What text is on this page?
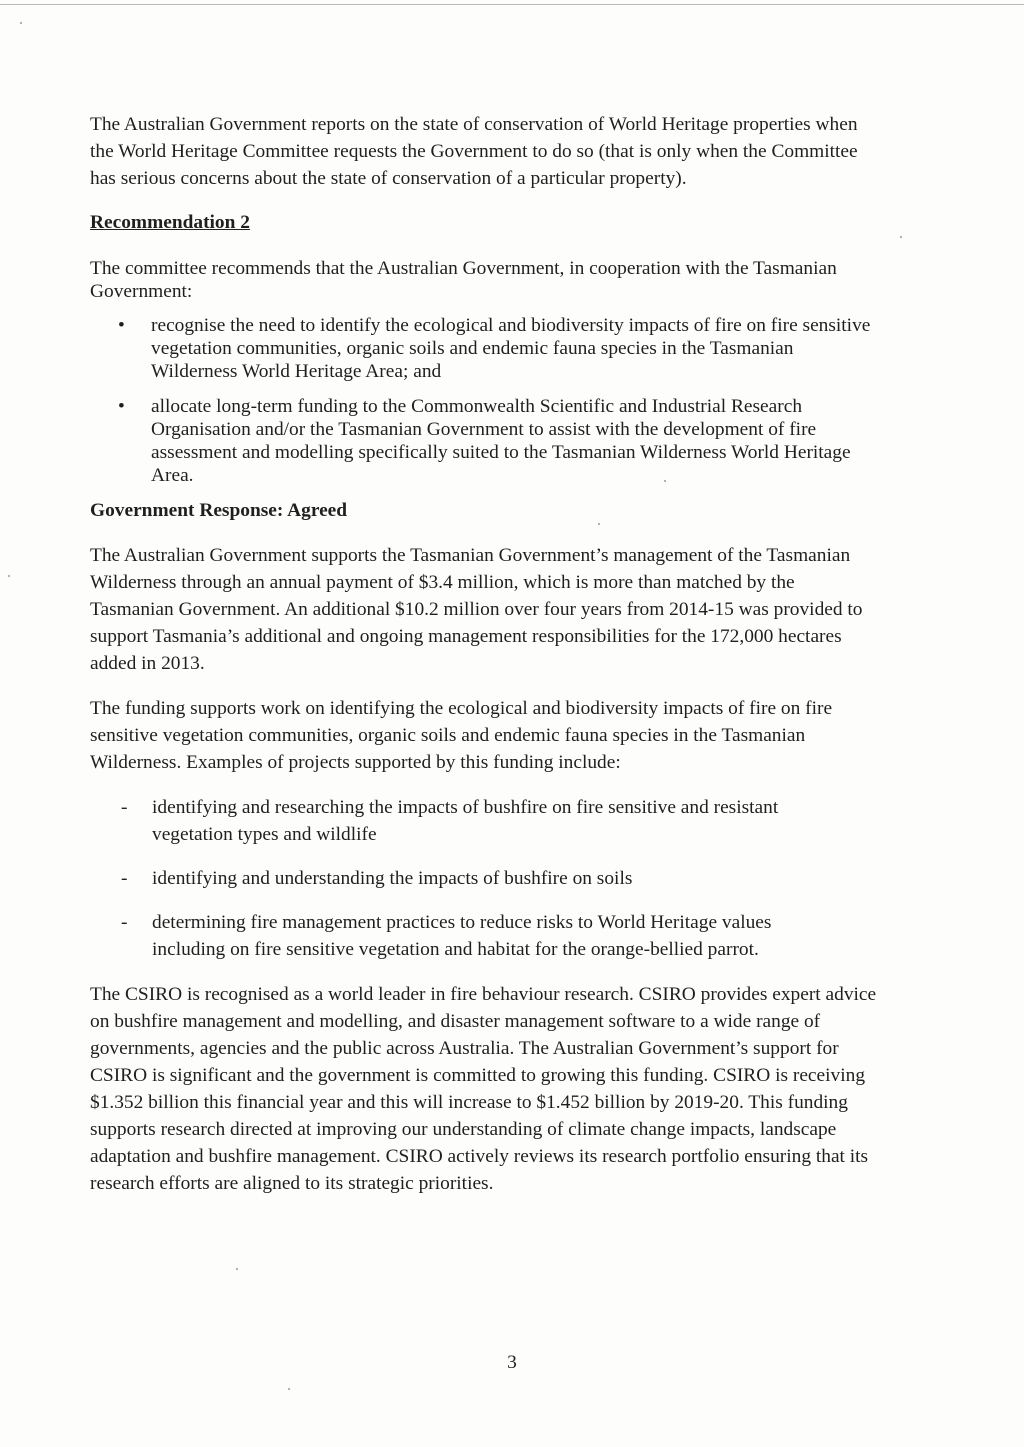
The Australian Government reports on the state of conservation of World Heritage properties when the World Heritage Committee requests the Government to do so (that is only when the Committee has serious concerns about the state of conservation of a particular property).
Recommendation 2
The committee recommends that the Australian Government, in cooperation with the Tasmanian Government:
• recognise the need to identify the ecological and biodiversity impacts of fire on fire sensitive vegetation communities, organic soils and endemic fauna species in the Tasmanian Wilderness World Heritage Area; and
• allocate long-term funding to the Commonwealth Scientific and Industrial Research Organisation and/or the Tasmanian Government to assist with the development of fire assessment and modelling specifically suited to the Tasmanian Wilderness World Heritage Area.
Government Response: Agreed
The Australian Government supports the Tasmanian Government’s management of the Tasmanian Wilderness through an annual payment of $3.4 million, which is more than matched by the Tasmanian Government. An additional $10.2 million over four years from 2014-15 was provided to support Tasmania’s additional and ongoing management responsibilities for the 172,000 hectares added in 2013.
The funding supports work on identifying the ecological and biodiversity impacts of fire on fire sensitive vegetation communities, organic soils and endemic fauna species in the Tasmanian Wilderness. Examples of projects supported by this funding include:
- identifying and researching the impacts of bushfire on fire sensitive and resistant vegetation types and wildlife
- identifying and understanding the impacts of bushfire on soils
- determining fire management practices to reduce risks to World Heritage values including on fire sensitive vegetation and habitat for the orange-bellied parrot.
The CSIRO is recognised as a world leader in fire behaviour research. CSIRO provides expert advice on bushfire management and modelling, and disaster management software to a wide range of governments, agencies and the public across Australia. The Australian Government’s support for CSIRO is significant and the government is committed to growing this funding. CSIRO is receiving $1.352 billion this financial year and this will increase to $1.452 billion by 2019-20. This funding supports research directed at improving our understanding of climate change impacts, landscape adaptation and bushfire management. CSIRO actively reviews its research portfolio ensuring that its research efforts are aligned to its strategic priorities.
3
